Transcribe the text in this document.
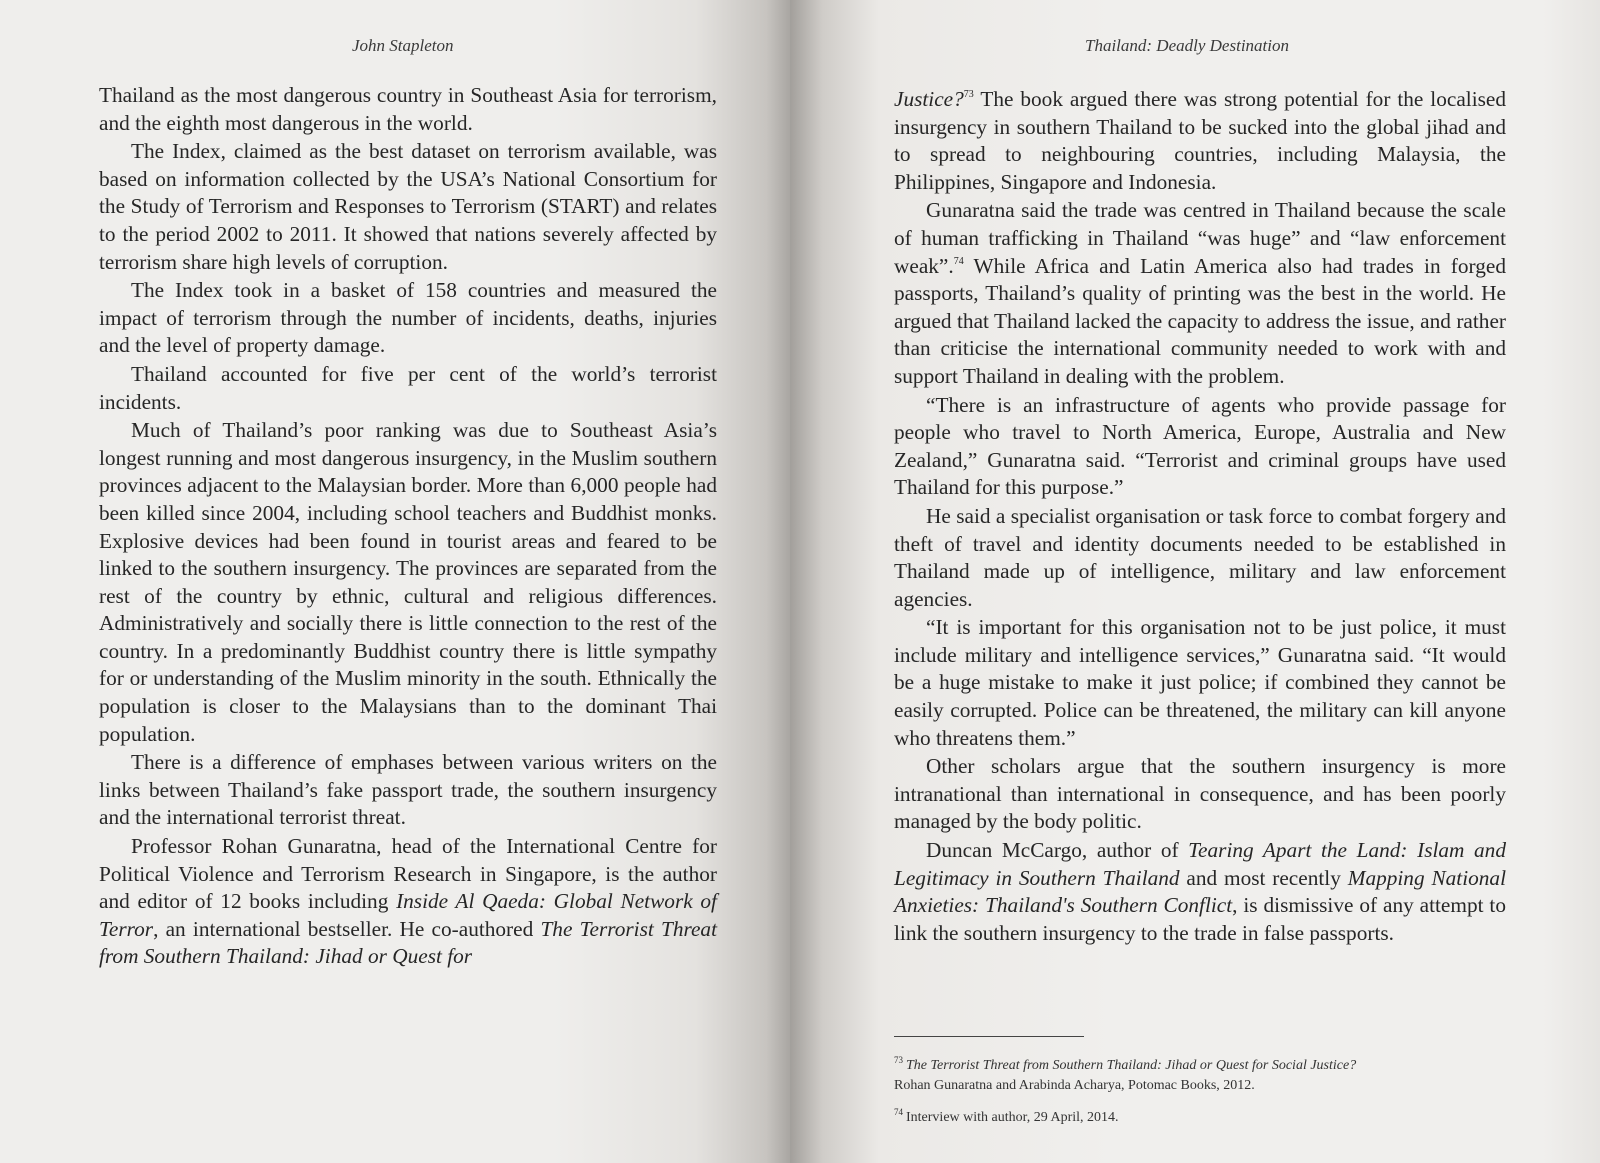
John Stapleton

Thailand as the most dangerous country in Southeast Asia for terrorism, and the eighth most dangerous in the world.

The Index, claimed as the best dataset on terrorism available, was based on information collected by the USA’s National Consortium for the Study of Terrorism and Responses to Terrorism (START) and relates to the period 2002 to 2011. It showed that nations severely affected by terrorism share high levels of corruption.

The Index took in a basket of 158 countries and measured the impact of terrorism through the number of incidents, deaths, injuries and the level of property damage.

Thailand accounted for five per cent of the world’s terrorist incidents.

Much of Thailand’s poor ranking was due to Southeast Asia’s longest running and most dangerous insurgency, in the Muslim southern provinces adjacent to the Malaysian border. More than 6,000 people had been killed since 2004, including school teachers and Buddhist monks. Explosive devices had been found in tourist areas and feared to be linked to the southern insurgency. The provinces are separated from the rest of the country by ethnic, cultural and religious differences. Administratively and socially there is little connection to the rest of the country. In a predominantly Buddhist country there is little sympathy for or understanding of the Muslim minority in the south. Ethnically the population is closer to the Malaysians than to the dominant Thai population.

There is a difference of emphases between various writers on the links between Thailand’s fake passport trade, the southern insurgency and the international terrorist threat.

Professor Rohan Gunaratna, head of the International Centre for Political Violence and Terrorism Research in Singapore, is the author and editor of 12 books including Inside Al Qaeda: Global Network of Terror, an international bestseller. He co-authored The Terrorist Threat from Southern Thailand: Jihad or Quest for

Thailand: Deadly Destination

Justice?$^{73}$ The book argued there was strong potential for the localised insurgency in southern Thailand to be sucked into the global jihad and to spread to neighbouring countries, including Malaysia, the Philippines, Singapore and Indonesia.

Gunaratna said the trade was centred in Thailand because the scale of human trafficking in Thailand “was huge” and “law enforcement weak”.$^{74}$ While Africa and Latin America also had trades in forged passports, Thailand’s quality of printing was the best in the world. He argued that Thailand lacked the capacity to address the issue, and rather than criticise the international community needed to work with and support Thailand in dealing with the problem.

“There is an infrastructure of agents who provide passage for people who travel to North America, Europe, Australia and New Zealand,” Gunaratna said. “Terrorist and criminal groups have used Thailand for this purpose.”

He said a specialist organisation or task force to combat forgery and theft of travel and identity documents needed to be established in Thailand made up of intelligence, military and law enforcement agencies.

“It is important for this organisation not to be just police, it must include military and intelligence services,” Gunaratna said. “It would be a huge mistake to make it just police; if combined they cannot be easily corrupted. Police can be threatened, the military can kill anyone who threatens them.”

Other scholars argue that the southern insurgency is more intranational than international in consequence, and has been poorly managed by the body politic.

Duncan McCargo, author of Tearing Apart the Land: Islam and Legitimacy in Southern Thailand and most recently Mapping National Anxieties: Thailand's Southern Conflict, is dismissive of any attempt to link the southern insurgency to the trade in false passports.

$^{73}$ The Terrorist Threat from Southern Thailand: Jihad or Quest for Social Justice?
Rohan Gunaratna and Arabinda Acharya, Potomac Books, 2012.
$^{74}$ Interview with author, 29 April, 2014.
